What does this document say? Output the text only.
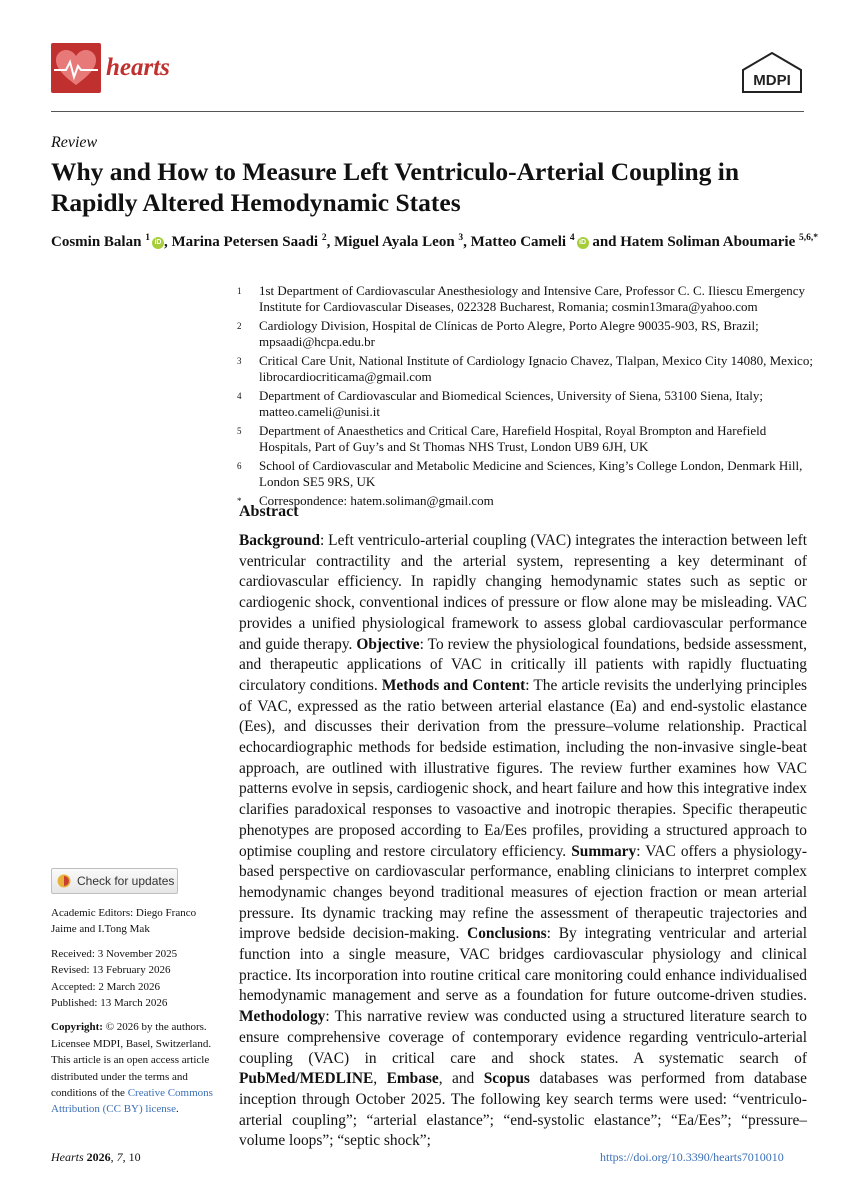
hearts	MDPI
Review
Why and How to Measure Left Ventriculo-Arterial Coupling in Rapidly Altered Hemodynamic States
Cosmin Balan $^1$ iD , Marina Petersen Saadi $^2$, Miguel Ayala Leon $^3$, Matteo Cameli $^4$ iD and Hatem Soliman Aboumarie $^{5,6,*}$
1	1st Department of Cardiovascular Anesthesiology and Intensive Care, Professor C. C. Iliescu Emergency Institute for Cardiovascular Diseases, 022328 Bucharest, Romania; cosmin13mara@yahoo.com
2	Cardiology Division, Hospital de Clínicas de Porto Alegre, Porto Alegre 90035-903, RS, Brazil; mpsaadi@hcpa.edu.br
3	Critical Care Unit, National Institute of Cardiology Ignacio Chavez, Tlalpan, Mexico City 14080, Mexico; librocardiocriticama@gmail.com
4	Department of Cardiovascular and Biomedical Sciences, University of Siena, 53100 Siena, Italy; matteo.cameli@unisi.it
5	Department of Anaesthetics and Critical Care, Harefield Hospital, Royal Brompton and Harefield Hospitals, Part of Guy’s and St Thomas NHS Trust, London UB9 6JH, UK
6	School of Cardiovascular and Metabolic Medicine and Sciences, King’s College London, Denmark Hill, London SE5 9RS, UK
*	Correspondence: hatem.soliman@gmail.com
Abstract
Background: Left ventriculo-arterial coupling (VAC) integrates the interaction between left ventricular contractility and the arterial system, representing a key determinant of cardiovascular efficiency. In rapidly changing hemodynamic states such as septic or cardiogenic shock, conventional indices of pressure or flow alone may be misleading. VAC provides a unified physiological framework to assess global cardiovascular performance and guide therapy. Objective: To review the physiological foundations, bedside assessment, and therapeutic applications of VAC in critically ill patients with rapidly fluctuating circulatory conditions. Methods and Content: The article revisits the underlying principles of VAC, expressed as the ratio between arterial elastance (Ea) and end-systolic elastance (Ees), and discusses their derivation from the pressure–volume relationship. Practical echocardiographic methods for bedside estimation, including the non-invasive single-beat approach, are outlined with illustrative figures. The review further examines how VAC patterns evolve in sepsis, cardiogenic shock, and heart failure and how this integrative index clarifies paradoxical responses to vasoactive and inotropic therapies. Specific therapeutic phenotypes are proposed according to Ea/Ees profiles, providing a structured approach to optimise coupling and restore circulatory efficiency. Summary: VAC offers a physiology-based perspective on cardiovascular performance, enabling clinicians to interpret complex hemodynamic changes beyond traditional measures of ejection fraction or mean arterial pressure. Its dynamic tracking may refine the assessment of therapeutic trajectories and improve bedside decision-making. Conclusions: By integrating ventricular and arterial function into a single measure, VAC bridges cardiovascular physiology and clinical practice. Its incorporation into routine critical care monitoring could enhance individualised hemodynamic management and serve as a foundation for future outcome-driven studies. Methodology: This narrative review was conducted using a structured literature search to ensure comprehensive coverage of contemporary evidence regarding ventriculo-arterial coupling (VAC) in critical care and shock states. A systematic search of PubMed/MEDLINE, Embase, and Scopus databases was performed from database inception through October 2025. The following key search terms were used: “ventriculo-arterial coupling”; “arterial elastance”; “end-systolic elastance”; “Ea/Ees”; “pressure–volume loops”; “septic shock”;
Check for updates

Academic Editors: Diego Franco Jaime and I.Tong Mak

Received: 3 November 2025

Revised: 13 February 2026

Accepted: 2 March 2026

Published: 13 March 2026

Copyright: © 2026 by the authors. Licensee MDPI, Basel, Switzerland. This article is an open access article distributed under the terms and conditions of the Creative Commons Attribution (CC BY) license.

Hearts 2026, 7, 10	https://doi.org/10.3390/hearts7010010
